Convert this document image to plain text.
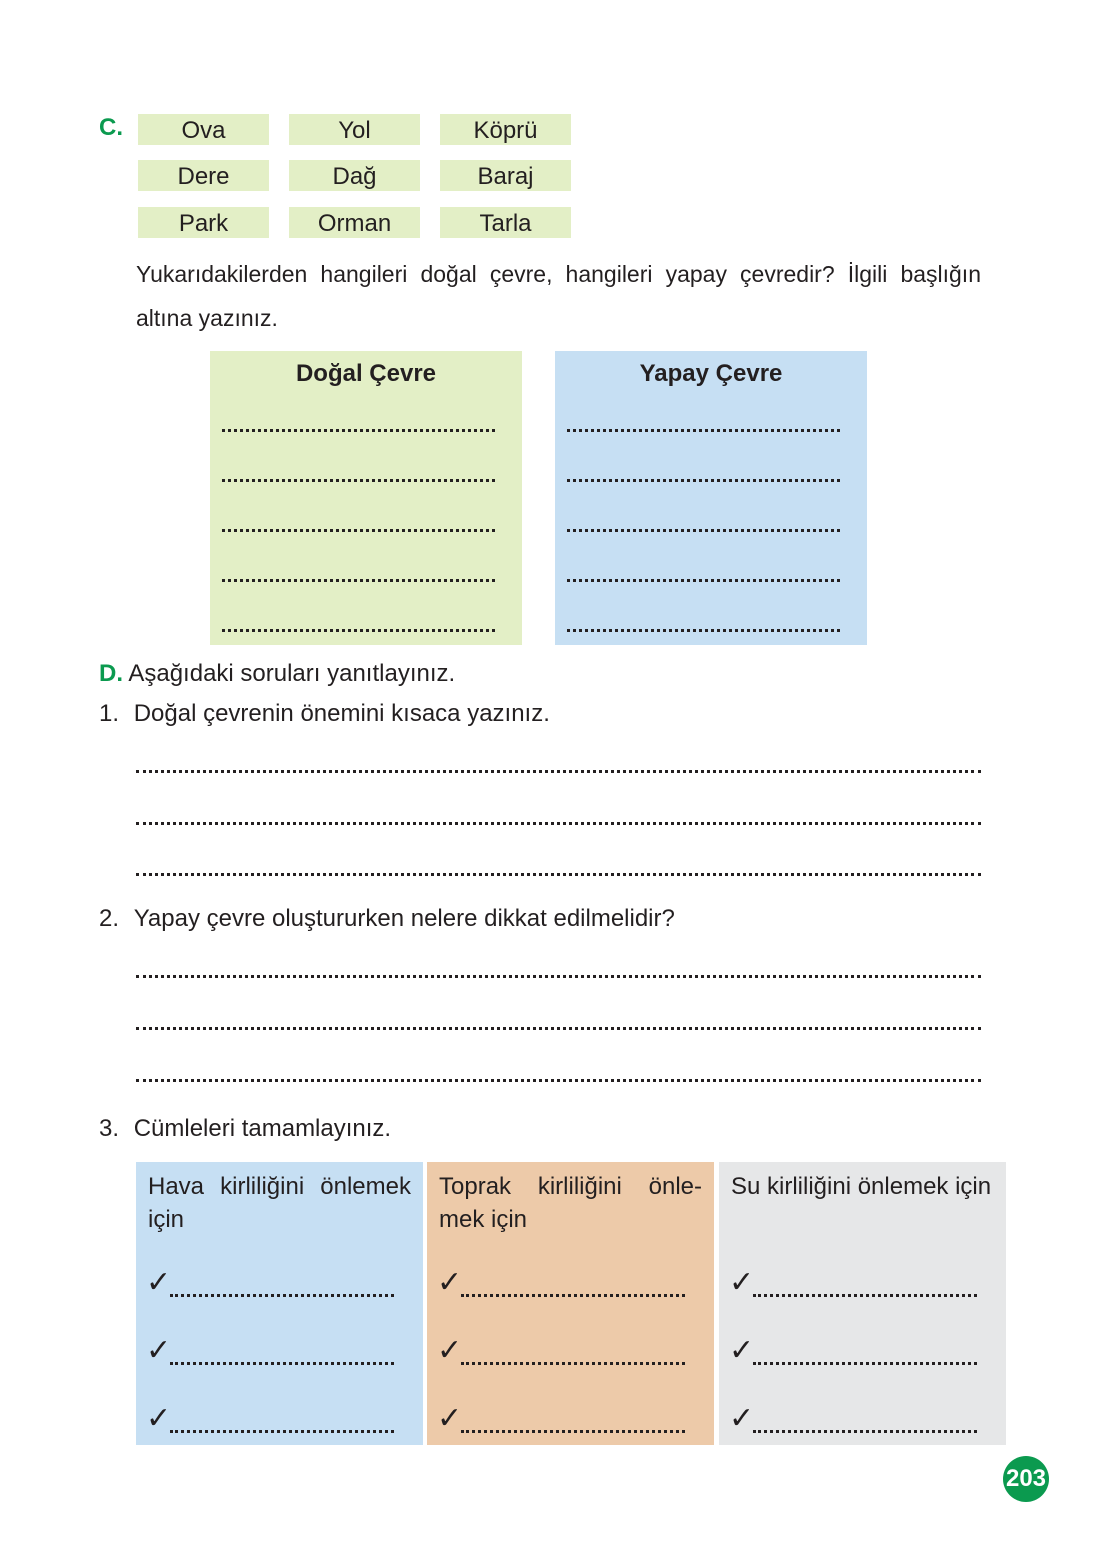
C.	Ova	Yol	Köprü
Dere	Dağ	Baraj
Park	Orman	Tarla
Yukarıdakilerden hangileri doğal çevre, hangileri yapay çevredir? İlgili başlığın altına yazınız.
Doğal Çevre	Yapay Çevre
D. Aşağıdaki soruları yanıtlayınız.
1. Doğal çevrenin önemini kısaca yazınız.
2. Yapay çevre oluştururken nelere dikkat edilmelidir?
3. Cümleleri tamamlayınız.
Hava kirliliğini önlemek için
✓
✓
✓
Toprak kirliliğini önle-mek için
✓
✓
✓
Su kirliliğini önlemek için
✓
✓
✓
203
